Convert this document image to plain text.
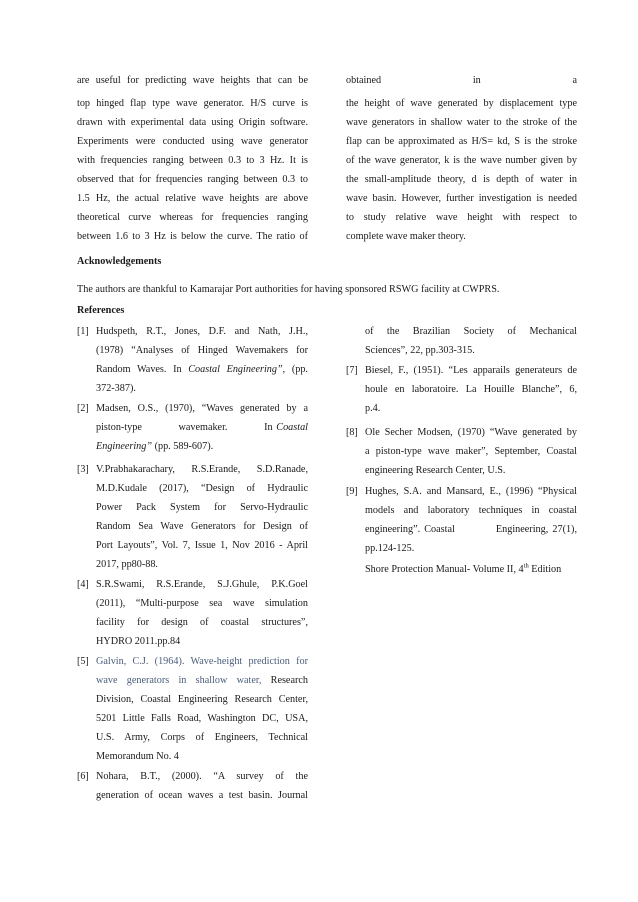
are useful for predicting wave heights that can be
top hinged flap type wave generator. H/S curve is
drawn with experimental data using Origin software.
Experiments were conducted using wave generator
with frequencies ranging between 0.3 to 3 Hz. It is
observed that for frequencies ranging between 0.3 to
1.5 Hz, the actual relative wave heights are above
theoretical curve whereas for frequencies ranging
between 1.6 to 3 Hz is below the curve. The ratio of
obtained	in	a
the height of wave generated by displacement type
wave generators in shallow water to the stroke of the
flap can be approximated as H/S= kd, S is the stroke
of the wave generator, k is the wave number given by
the small-amplitude theory, d is depth of water in
wave basin. However, further investigation is needed
to study relative wave height with respect to
complete wave maker theory.
Acknowledgements
The authors are thankful to Kamarajar Port authorities for having sponsored RSWG facility at CWPRS.
References
[1] Hudspeth, R.T., Jones, D.F. and Nath, J.H.,
(1978) “Analyses of Hinged Wavemakers for
Random Waves. In Coastal Engineering”, (pp.
372-387).
[2] Madsen, O.S., (1970), “Waves generated by a
piston-type          wavemaker.          In Coastal
Engineering” (pp. 589-607).
[3] V.Prabhakarachary, R.S.Erande, S.D.Ranade,
M.D.Kudale (2017), “Design of Hydraulic
Power Pack System for Servo-Hydraulic
Random Sea Wave Generators for Design of
Port Layouts”, Vol. 7, Issue 1, Nov 2016 - April
2017, pp80-88.
[4] S.R.Swami, R.S.Erande, S.J.Ghule, P.K.Goel
(2011), “Multi-purpose sea wave simulation
facility for design of coastal structures”,
HYDRO 2011.pp.84
[5] Galvin, C.J. (1964). Wave-height prediction for
wave generators in shallow water, Research
Division, Coastal Engineering Research Center,
5201 Little Falls Road, Washington DC, USA,
U.S. Army, Corps of Engineers, Technical
Memorandum No. 4
[6] Nohara, B.T., (2000). “A survey of the
generation of ocean waves a test basin. Journal
of the Brazilian Society of Mechanical
Sciences”, 22, pp.303-315.
[7] Biesel, F., (1951). “Les apparails generateurs de
houle en laboratoire. La Houille Blanche”, 6,
p.4.
[8] Ole Secher Modsen, (1970) “Wave generated by
a piston-type wave maker”, September, Coastal
engineering Research Center, U.S.
[9] Hughes, S.A. and Mansard, E., (1996) “Physical
models and laboratory techniques in coastal
engineering”. Coastal          Engineering, 27(1),
pp.124-125.
Shore Protection Manual- Volume II, 4th Edition
